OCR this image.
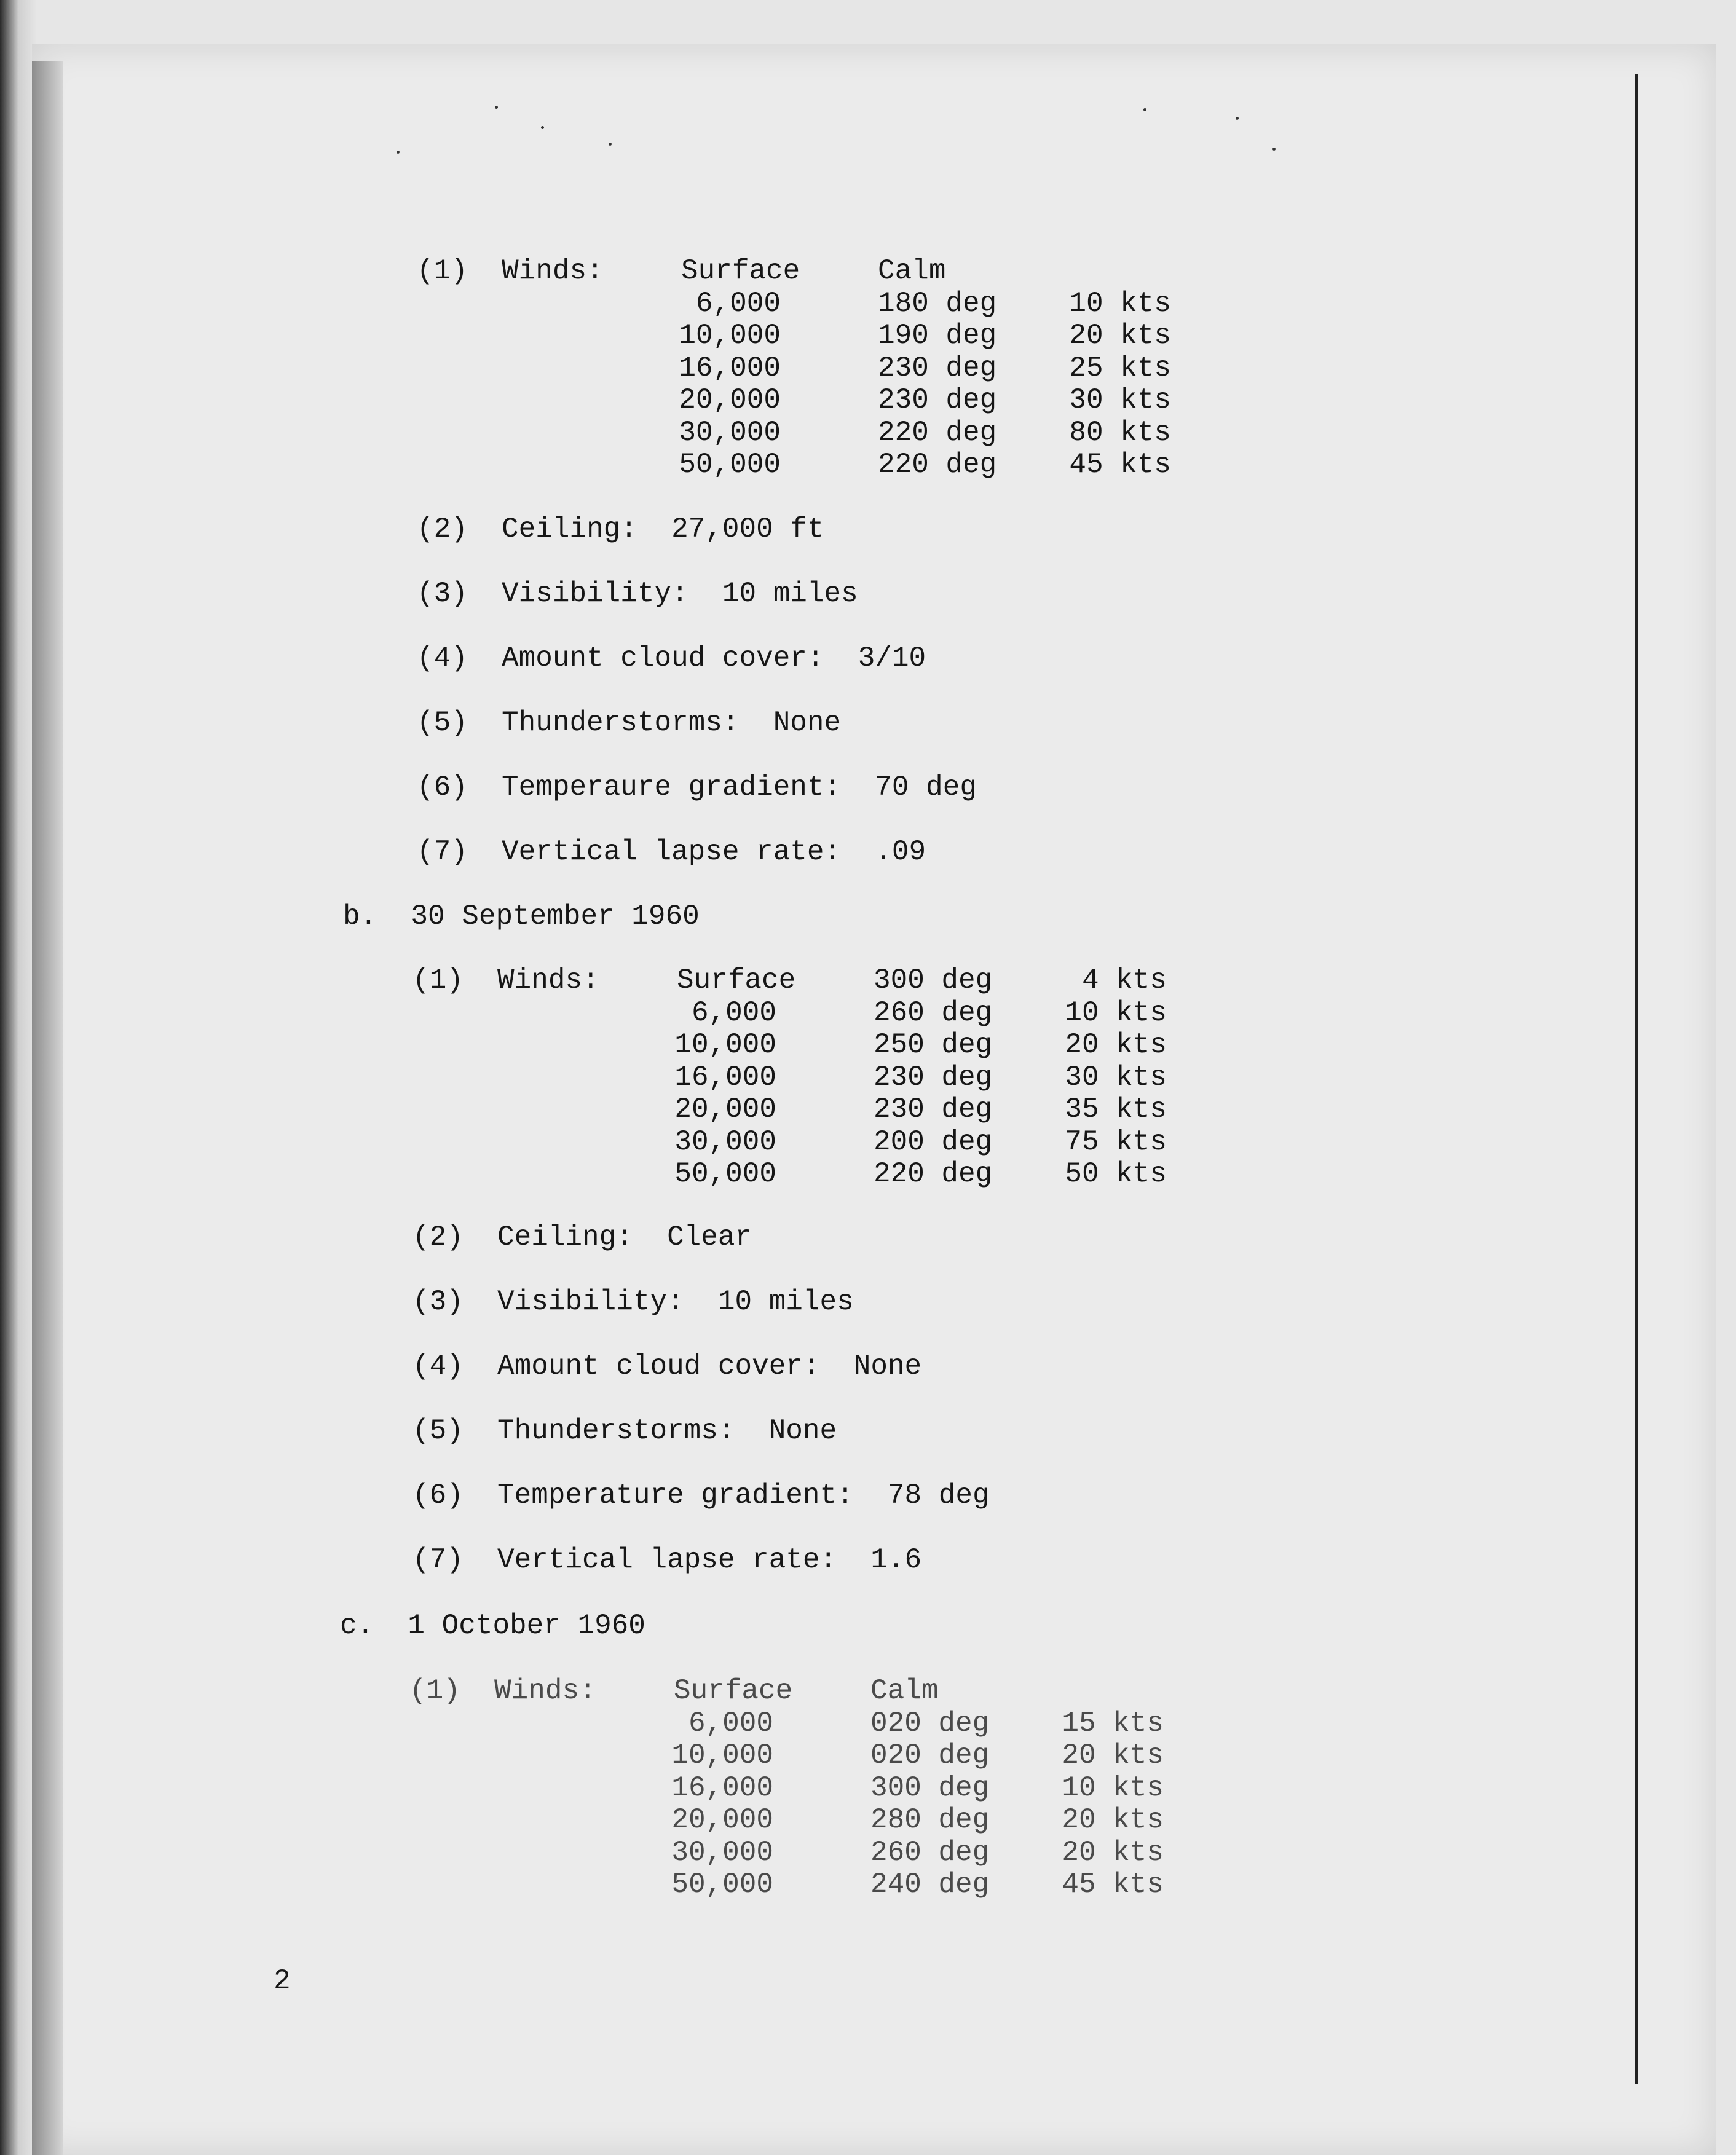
(1)  Winds:	Surface	Calm
6,000	180 deg	10 kts
10,000	190 deg	20 kts
16,000	230 deg	25 kts
20,000	230 deg	30 kts
30,000	220 deg	80 kts
50,000	220 deg	45 kts
(2)  Ceiling:  27,000 ft
(3)  Visibility:  10 miles
(4)  Amount cloud cover:  3/10
(5)  Thunderstorms:  None
(6)  Temperaure gradient:  70 deg
(7)  Vertical lapse rate:  .09
b.  30 September 1960
(1)  Winds:	Surface	300 deg	4 kts
6,000	260 deg	10 kts
10,000	250 deg	20 kts
16,000	230 deg	30 kts
20,000	230 deg	35 kts
30,000	200 deg	75 kts
50,000	220 deg	50 kts
(2)  Ceiling:  Clear
(3)  Visibility:  10 miles
(4)  Amount cloud cover:  None
(5)  Thunderstorms:  None
(6)  Temperature gradient:  78 deg
(7)  Vertical lapse rate:  1.6
c.  1 October 1960
(1)  Winds:	Surface	Calm
6,000	020 deg	15 kts
10,000	020 deg	20 kts
16,000	300 deg	10 kts
20,000	280 deg	20 kts
30,000	260 deg	20 kts
50,000	240 deg	45 kts
2
